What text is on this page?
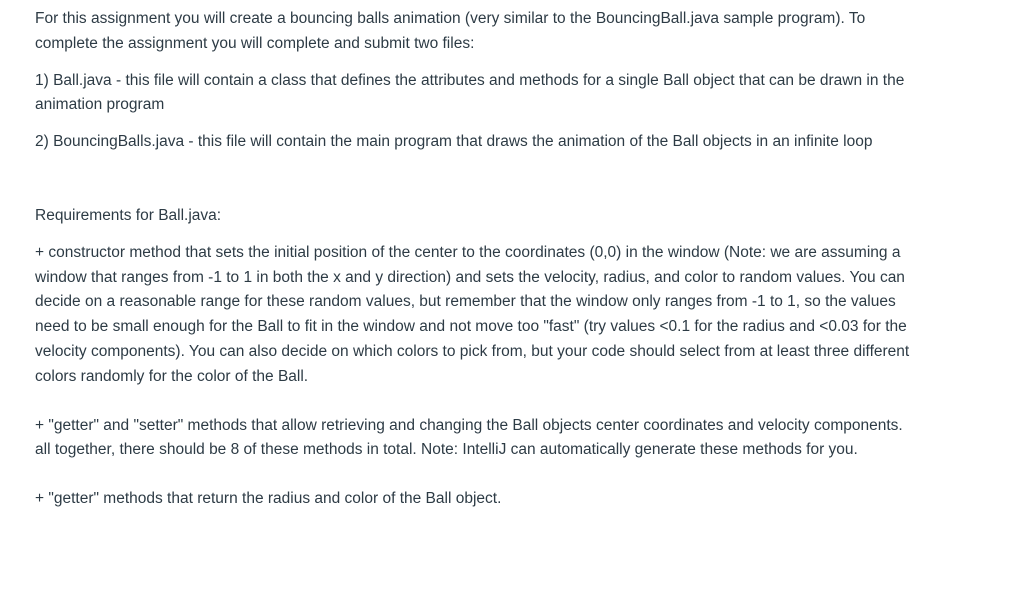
For this assignment you will create a bouncing balls animation (very similar to the BouncingBall.java sample program). To complete the assignment you will complete and submit two files:

1) Ball.java - this file will contain a class that defines the attributes and methods for a single Ball object that can be drawn in the animation program

2) BouncingBalls.java - this file will contain the main program that draws the animation of the Ball objects in an infinite loop

Requirements for Ball.java:

+ constructor method that sets the initial position of the center to the coordinates (0,0) in the window (Note: we are assuming a window that ranges from -1 to 1 in both the x and y direction) and sets the velocity, radius, and color to random values. You can decide on a reasonable range for these random values, but remember that the window only ranges from -1 to 1, so the values need to be small enough for the Ball to fit in the window and not move too "fast" (try values <0.1 for the radius and <0.03 for the velocity components). You can also decide on which colors to pick from, but your code should select from at least three different colors randomly for the color of the Ball.

+ "getter" and "setter" methods that allow retrieving and changing the Ball objects center coordinates and velocity components. all together, there should be 8 of these methods in total. Note: IntelliJ can automatically generate these methods for you.

+ "getter" methods that return the radius and color of the Ball object.
